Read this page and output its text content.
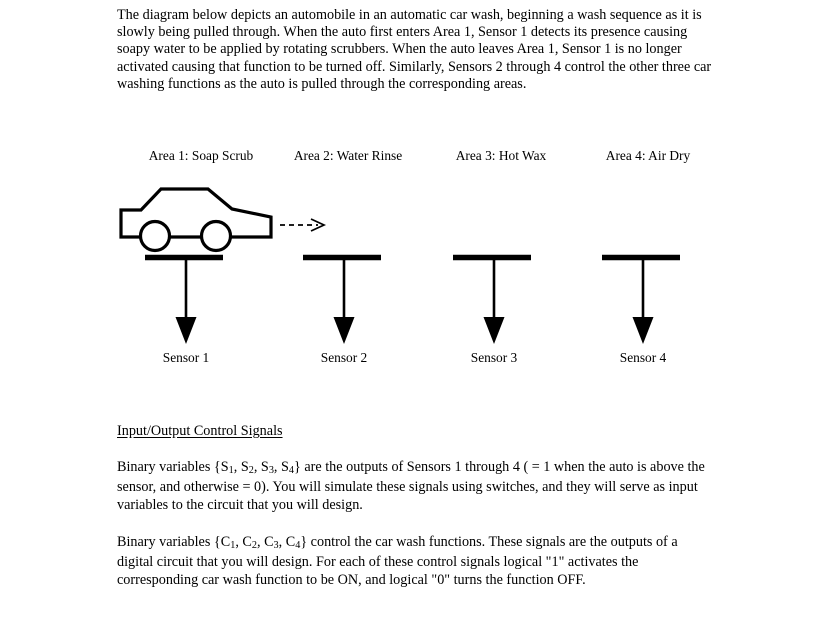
The diagram below depicts an automobile in an automatic car wash, beginning a wash sequence as it is slowly being pulled through. When the auto first enters Area 1, Sensor 1 detects its presence causing soapy water to be applied by rotating scrubbers. When the auto leaves Area 1, Sensor 1 is no longer activated causing that function to be turned off. Similarly, Sensors 2 through 4 control the other three car washing functions as the auto is pulled through the corresponding areas.
Area 1: Soap Scrub	Area 2: Water Rinse	Area 3: Hot Wax	Area 4: Air Dry
Sensor 1	Sensor 2	Sensor 3	Sensor 4
Input/Output Control Signals
Binary variables {$S_1$, $S_2$, $S_3$, $S_4$} are the outputs of Sensors 1 through 4 ( = 1 when the auto is above the sensor, and otherwise = 0). You will simulate these signals using switches, and they will serve as input variables to the circuit that you will design.
Binary variables {$C_1$, $C_2$, $C_3$, $C_4$} control the car wash functions. These signals are the outputs of a digital circuit that you will design. For each of these control signals logical "1" activates the corresponding car wash function to be ON, and logical "0" turns the function OFF.
